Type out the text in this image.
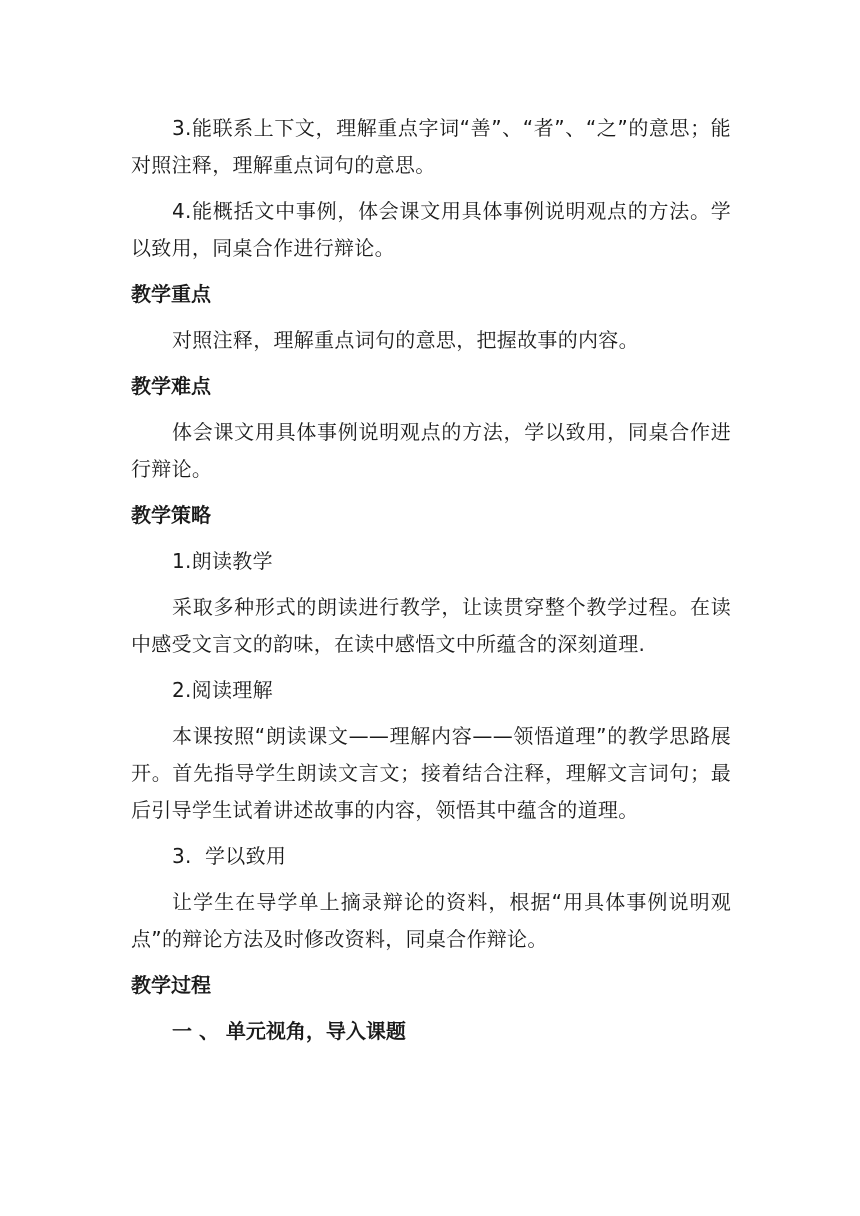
3.能联系上下文，理解重点字词“善”、“者”、“之”的意思；能对照注释，理解重点词句的意思。

4.能概括文中事例，体会课文用具体事例说明观点的方法。学以致用，同桌合作进行辩论。

教学重点

对照注释，理解重点词句的意思，把握故事的内容。

教学难点

体会课文用具体事例说明观点的方法，学以致用，同桌合作进行辩论。

教学策略

1.朗读教学

采取多种形式的朗读进行教学，让读贯穿整个教学过程。在读中感受文言文的韵味，在读中感悟文中所蕴含的深刻道理.

2.阅读理解

本课按照“朗读课文——理解内容——领悟道理”的教学思路展开。首先指导学生朗读文言文；接着结合注释，理解文言词句；最后引导学生试着讲述故事的内容，领悟其中蕴含的道理。

3.  学以致用

让学生在导学单上摘录辩论的资料，根据“用具体事例说明观点”的辩论方法及时修改资料，同桌合作辩论。

教学过程
一 、 单元视角，导入课题
